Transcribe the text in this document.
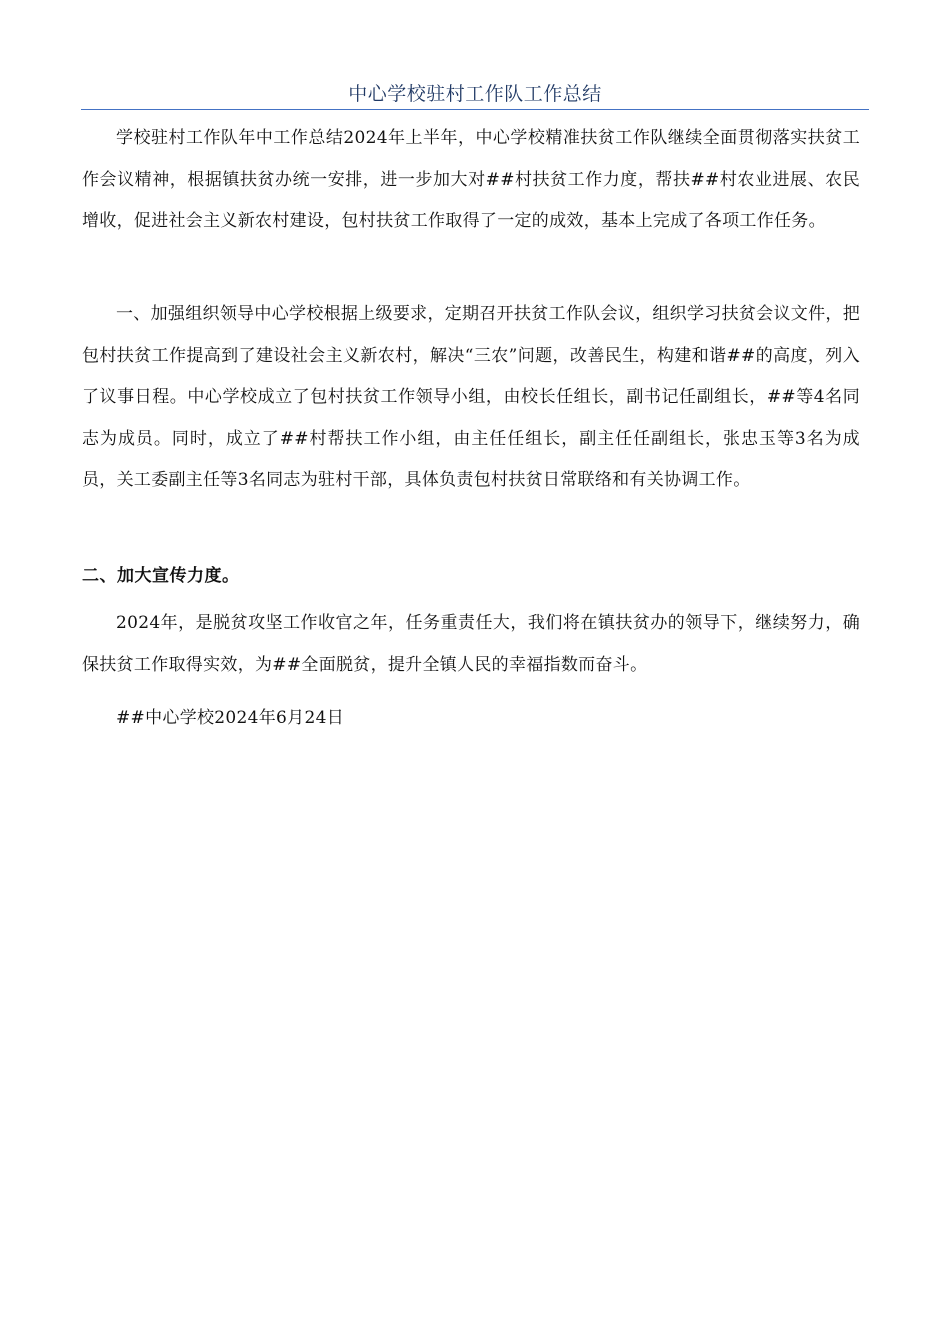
中心学校驻村工作队工作总结

学校驻村工作队年中工作总结2024年上半年，中心学校精准扶贫工作队继续全面贯彻落实扶贫工作会议精神，根据镇扶贫办统一安排，进一步加大对##村扶贫工作力度，帮扶##村农业进展、农民增收，促进社会主义新农村建设，包村扶贫工作取得了一定的成效，基本上完成了各项工作任务。

一、加强组织领导中心学校根据上级要求，定期召开扶贫工作队会议，组织学习扶贫会议文件，把包村扶贫工作提高到了建设社会主义新农村，解决“三农”问题，改善民生，构建和谐##的高度，列入了议事日程。中心学校成立了包村扶贫工作领导小组，由校长任组长，副书记任副组长，##等4名同志为成员。同时，成立了##村帮扶工作小组，由主任任组长，副主任任副组长，张忠玉等3名为成员，关工委副主任等3名同志为驻村干部，具体负责包村扶贫日常联络和有关协调工作。

二、加大宣传力度。

2024年，是脱贫攻坚工作收官之年，任务重责任大，我们将在镇扶贫办的领导下，继续努力，确保扶贫工作取得实效，为##全面脱贫，提升全镇人民的幸福指数而奋斗。

##中心学校2024年6月24日
